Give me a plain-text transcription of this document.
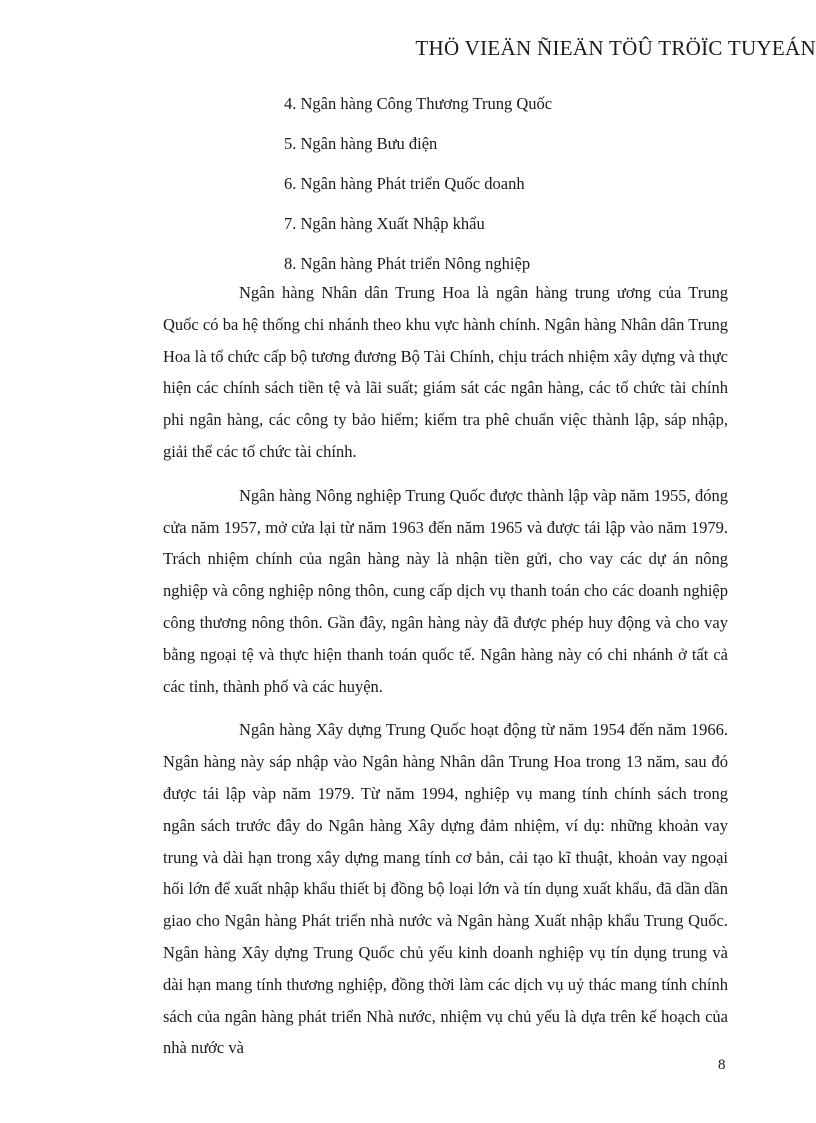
THÖ VIEÄN ÑIEÄN TÖÛ TRÖÏC TUYEÁN
4. Ngân hàng Công Thương Trung Quốc
5. Ngân hàng Bưu điện
6. Ngân hàng Phát triển Quốc doanh
7. Ngân hàng Xuất Nhập khẩu
8. Ngân hàng Phát triển Nông nghiệp

Ngân hàng Nhân dân Trung Hoa là ngân hàng trung ương của Trung Quốc có ba hệ thống chi nhánh theo khu vực hành chính. Ngân hàng Nhân dân Trung Hoa là tổ chức cấp bộ tương đương Bộ Tài Chính, chịu trách nhiệm xây dựng và thực hiện các chính sách tiền tệ và lãi suất; giám sát các ngân hàng, các tổ chức tài chính phi ngân hàng, các công ty bảo hiểm; kiểm tra phê chuẩn việc thành lập, sáp nhập, giải thể các tổ chức tài chính.

Ngân hàng Nông nghiệp Trung Quốc được thành lập vàp năm 1955, đóng cửa năm 1957, mở cửa lại từ năm 1963 đến năm 1965 và được tái lập vào năm 1979. Trách nhiệm chính của ngân hàng này là nhận tiền gửi, cho vay các dự án nông nghiệp và công nghiệp nông thôn, cung cấp dịch vụ thanh toán cho các doanh nghiệp công thương nông thôn. Gần đây, ngân hàng này đã được phép huy động và cho vay bằng ngoại tệ và thực hiện thanh toán quốc tế. Ngân hàng này có chi nhánh ở tất cả các tỉnh, thành phố và các huyện.

Ngân hàng Xây dựng Trung Quốc hoạt động từ năm 1954 đến năm 1966. Ngân hàng này sáp nhập vào Ngân hàng Nhân dân Trung Hoa trong 13 năm, sau đó được tái lập vàp năm 1979. Từ năm 1994, nghiệp vụ mang tính chính sách trong ngân sách trước đây do Ngân hàng Xây dựng đảm nhiệm, ví dụ: những khoản vay trung và dài hạn trong xây dựng mang tính cơ bản, cải tạo kĩ thuật, khoản vay ngoại hối lớn để xuất nhập khẩu thiết bị đồng bộ loại lớn và tín dụng xuất khẩu, đã dần dần giao cho Ngân hàng Phát triển nhà nước và Ngân hàng Xuất nhập khẩu Trung Quốc. Ngân hàng Xây dựng Trung Quốc chủ yếu kinh doanh nghiệp vụ tín dụng trung và dài hạn mang tính thương nghiệp, đồng thời làm các dịch vụ uỷ thác mang tính chính sách của ngân hàng phát triển Nhà nước, nhiệm vụ chủ yếu là dựa trên kế hoạch của nhà nước và

8
